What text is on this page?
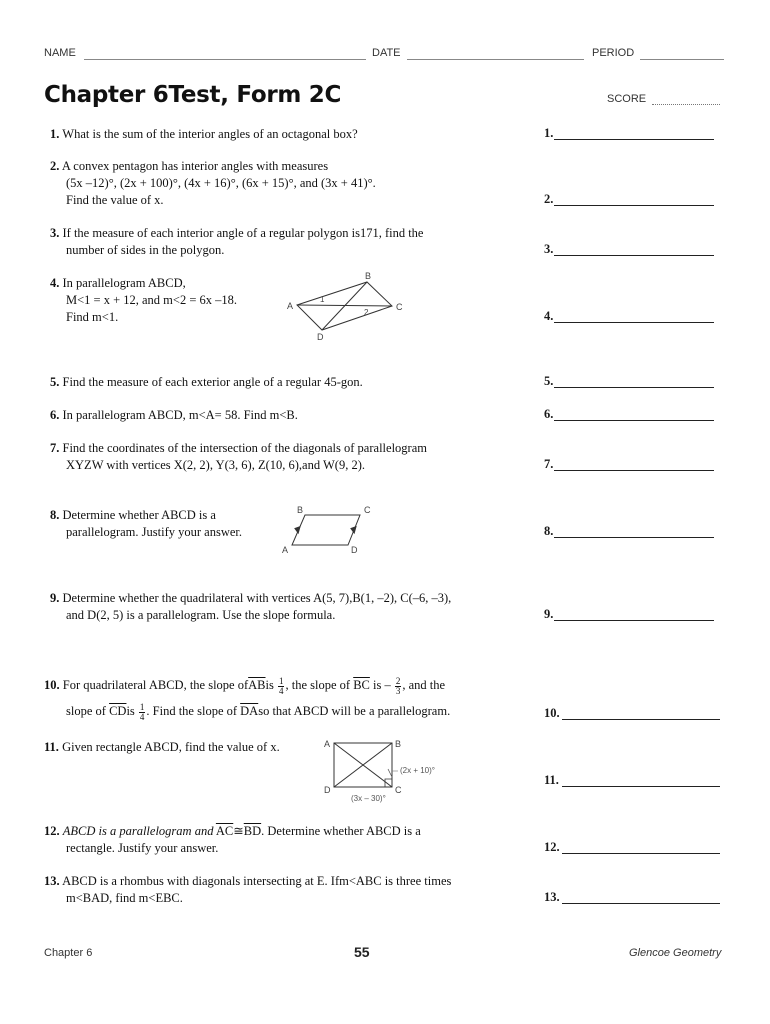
NAME	DATE	PERIOD
Chapter 6Test, Form 2C	SCORE
1. What is the sum of the interior angles of an octagonal box?	1.
2. A convex pentagon has interior angles with measures
(5x –12)°, (2x + 100)°, (4x + 16)°, (6x + 15)°, and (3x + 41)°.
Find the value of x.	2.
3. If the measure of each interior angle of a regular polygon is171, find the
number of sides in the polygon.	3.
4. In parallelogram ABCD,
M<1 = x + 12, and m<2 = 6x –18.
Find m<1.
A
B
C
D
1
2	4.
5. Find the measure of each exterior angle of a regular 45-gon.	5.
6. In parallelogram ABCD, m<A= 58. Find m<B.	6.
7. Find the coordinates of the intersection of the diagonals of parallelogram
XYZW with vertices X(2, 2), Y(3, 6), Z(10, 6),and W(9, 2).	7.
8. Determine whether ABCD is a
parallelogram. Justify your answer.
B	C
A	D
8.
9. Determine whether the quadrilateral with vertices A(5, 7),B(1, –2), C(–6, –3),
and D(2, 5) is a parallelogram. Use the slope formula.	9.
10. For quadrilateral ABCD, the slope $of\overline{AB}is \frac{1}{4}$ , the slope of $\overline{BC}$ is – $\frac{2}{3}$ , and the
slope of $\overline{CD}is \frac{1}{4}$ . Find the slope of $\overline{DA}so$ that ABCD will be a parallelogram.	10.
11. Given rectangle ABCD, find the value of x.	A	B
D	C
(2x + 10)°
(3x – 30)°
11.
12. ABCD is a parallelogram and $\overline{AC}≅\overline{BD}$. Determine whether ABCD is a
rectangle. Justify your answer.	12.
13. ABCD is a rhombus with diagonals intersecting at E. Ifm<ABC is three times
m<BAD, find m<EBC.	13.
Chapter 6	55	Glencoe Geometry
